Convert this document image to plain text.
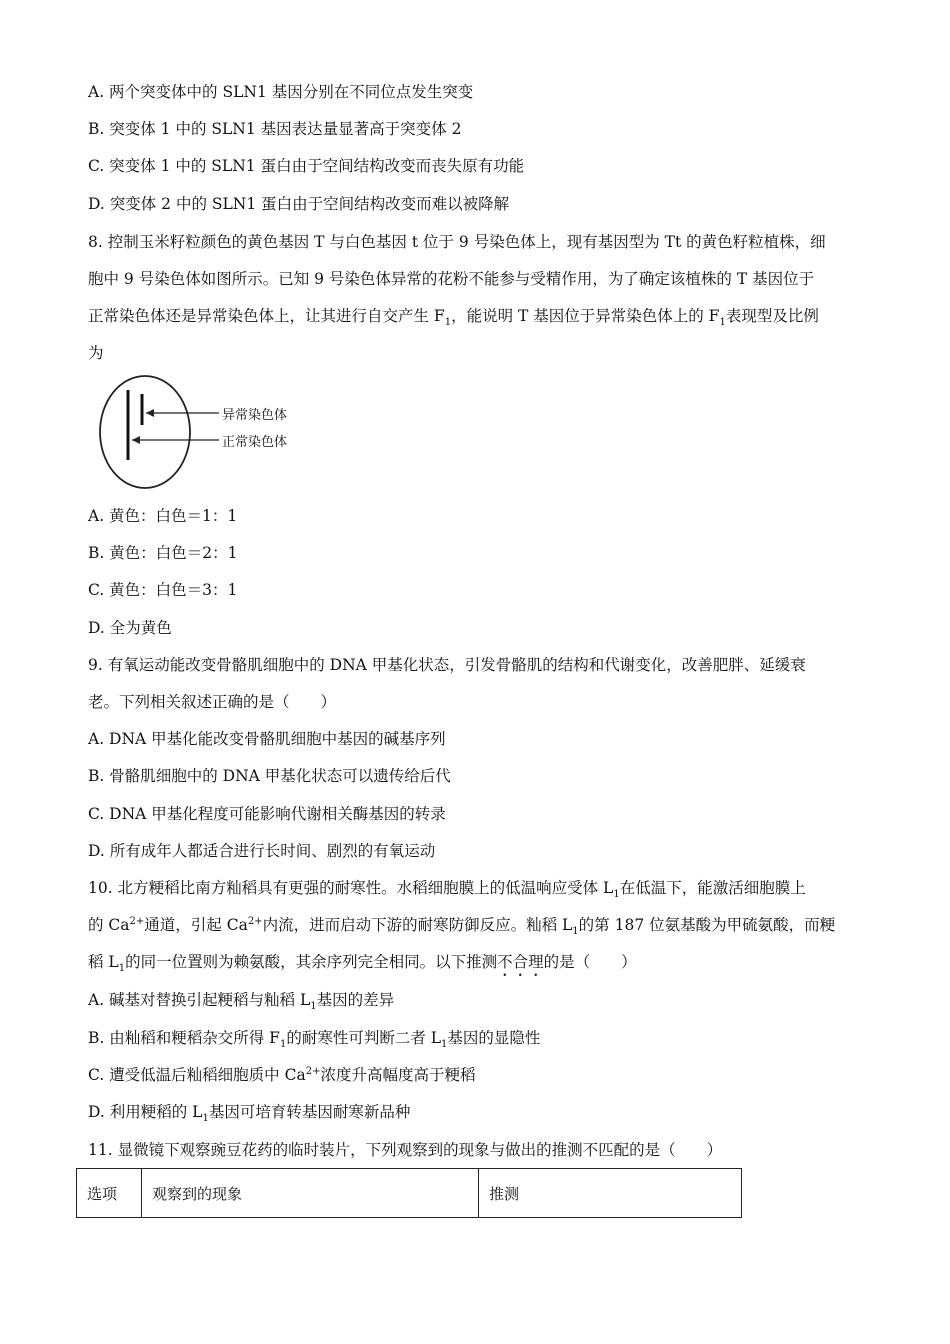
A. 两个突变体中的 SLN1 基因分别在不同位点发生突变
B. 突变体 1 中的 SLN1 基因表达量显著高于突变体 2
C. 突变体 1 中的 SLN1 蛋白由于空间结构改变而丧失原有功能
D. 突变体 2 中的 SLN1 蛋白由于空间结构改变而难以被降解
8. 控制玉米籽粒颜色的黄色基因 T 与白色基因 t 位于 9 号染色体上，现有基因型为 Tt 的黄色籽粒植株，细
胞中 9 号染色体如图所示。已知 9 号染色体异常的花粉不能参与受精作用，为了确定该植株的 T 基因位于
正常染色体还是异常染色体上，让其进行自交产生 $F_1$，能说明 T 基因位于异常染色体上的 $F_1$表现型及比例
为
异常染色体
正常染色体
A. 黄色：白色＝1：1
B. 黄色：白色＝2：1
C. 黄色：白色＝3：1
D. 全为黄色
9. 有氧运动能改变骨骼肌细胞中的 DNA 甲基化状态，引发骨骼肌的结构和代谢变化，改善肥胖、延缓衰
老。下列相关叙述正确的是（　　）
A. DNA 甲基化能改变骨骼肌细胞中基因的碱基序列
B. 骨骼肌细胞中的 DNA 甲基化状态可以遗传给后代
C. DNA 甲基化程度可能影响代谢相关酶基因的转录
D. 所有成年人都适合进行长时间、剧烈的有氧运动
10. 北方粳稻比南方籼稻具有更强的耐寒性。水稻细胞膜上的低温响应受体 $L_1$在低温下，能激活细胞膜上
的 $Ca^{2+}$通道，引起 $Ca^{2+}$内流，进而启动下游的耐寒防御反应。籼稻 $L_1$的第 187 位氨基酸为甲硫氨酸，而粳
稻 $L_1$的同一位置则为赖氨酸，其余序列完全相同。以下推测不合理的是（　　）
A. 碱基对替换引起粳稻与籼稻 $L_1$基因的差异
B. 由籼稻和粳稻杂交所得 $F_1$的耐寒性可判断二者 $L_1$基因的显隐性
C. 遭受低温后籼稻细胞质中 $Ca^{2+}$浓度升高幅度高于粳稻
D. 利用粳稻的 $L_1$基因可培育转基因耐寒新品种
11. 显微镜下观察豌豆花药的临时装片，下列观察到的现象与做出的推测不匹配的是（　　）
选项	观察到的现象	推测
